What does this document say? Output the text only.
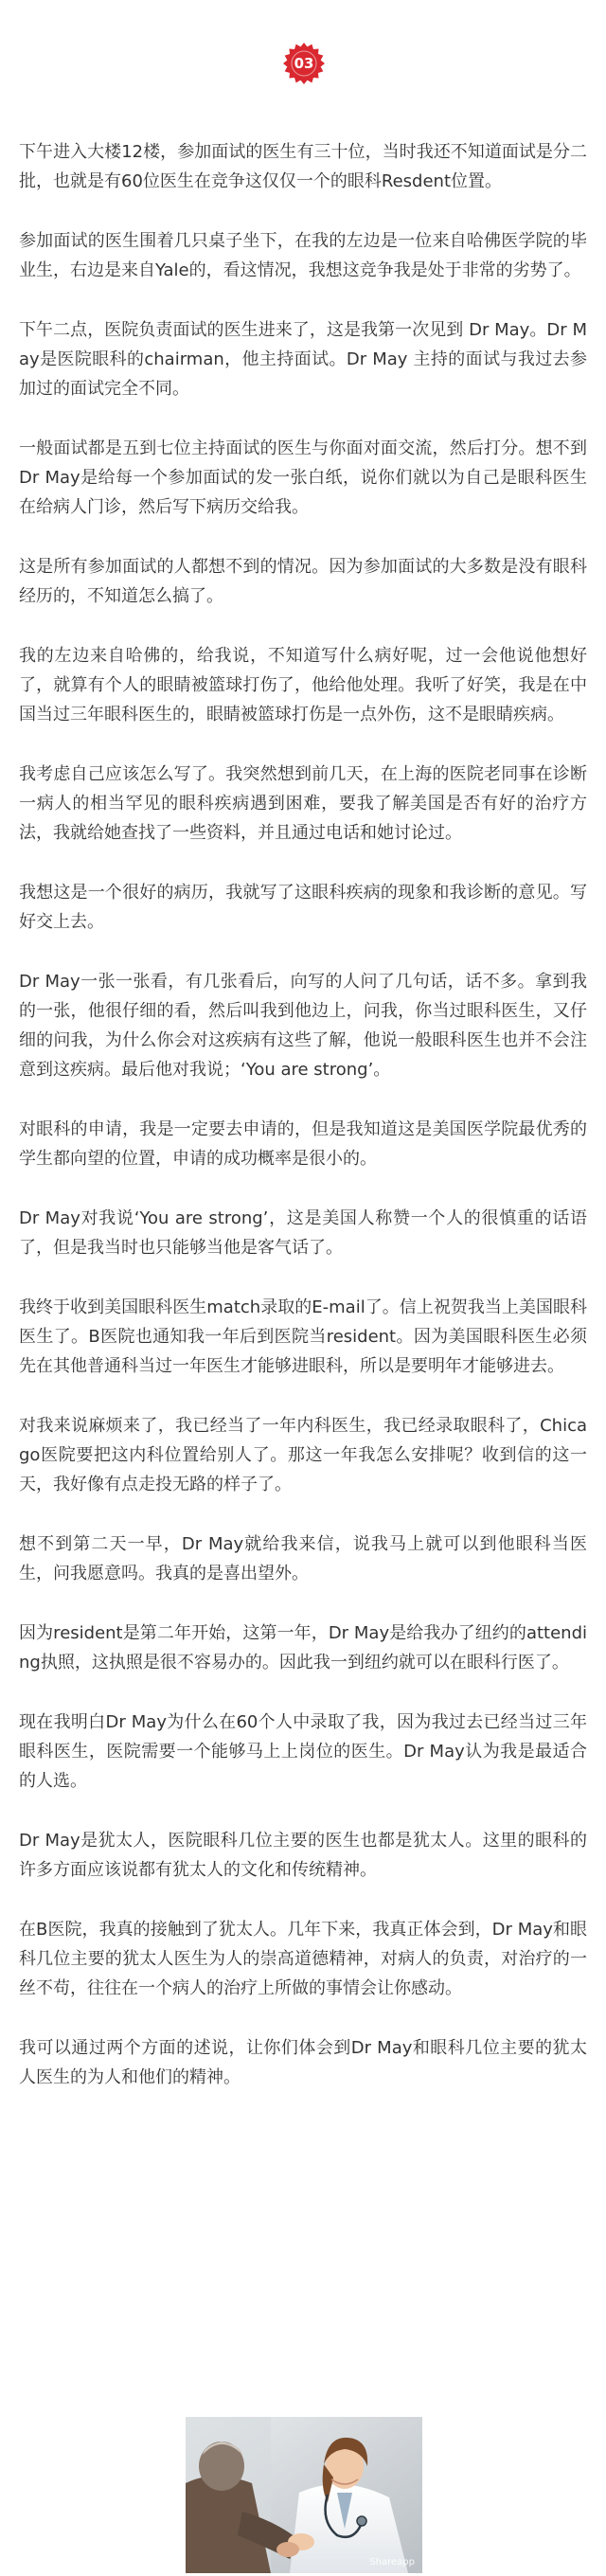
03

下午进入大楼12楼，参加面试的医生有三十位，当时我还不知道面试是分二批，也就是有60位医生在竞争这仅仅一个的眼科Resdent位置。

参加面试的医生围着几只桌子坐下，在我的左边是一位来自哈佛医学院的毕业生，右边是来自Yale的，看这情况，我想这竞争我是处于非常的劣势了。

下午二点，医院负责面试的医生进来了，这是我第一次见到 Dr May。Dr May是医院眼科的chairman，他主持面试。Dr May 主持的面试与我过去参加过的面试完全不同。

一般面试都是五到七位主持面试的医生与你面对面交流，然后打分。想不到Dr May是给每一个参加面试的发一张白纸，说你们就以为自己是眼科医生在给病人门诊，然后写下病历交给我。

这是所有参加面试的人都想不到的情况。因为参加面试的大多数是没有眼科经历的，不知道怎么搞了。

我的左边来自哈佛的，给我说，不知道写什么病好呢，过一会他说他想好了，就算有个人的眼睛被篮球打伤了，他给他处理。我听了好笑，我是在中国当过三年眼科医生的，眼睛被篮球打伤是一点外伤，这不是眼睛疾病。

我考虑自己应该怎么写了。我突然想到前几天，在上海的医院老同事在诊断一病人的相当罕见的眼科疾病遇到困难，要我了解美国是否有好的治疗方法，我就给她查找了一些资料，并且通过电话和她讨论过。

我想这是一个很好的病历，我就写了这眼科疾病的现象和我诊断的意见。写好交上去。

Dr May一张一张看，有几张看后，向写的人问了几句话，话不多。拿到我的一张，他很仔细的看，然后叫我到他边上，问我，你当过眼科医生，又仔细的问我，为什么你会对这疾病有这些了解，他说一般眼科医生也并不会注意到这疾病。最后他对我说；‘You are strong’。

对眼科的申请，我是一定要去申请的，但是我知道这是美国医学院最优秀的学生都向望的位置，申请的成功概率是很小的。

Dr May对我说‘You are strong’，这是美国人称赞一个人的很慎重的话语了，但是我当时也只能够当他是客气话了。

我终于收到美国眼科医生match录取的E-mail了。信上祝贺我当上美国眼科医生了。B医院也通知我一年后到医院当resident。因为美国眼科医生必须先在其他普通科当过一年医生才能够进眼科，所以是要明年才能够进去。

对我来说麻烦来了，我已经当了一年内科医生，我已经录取眼科了，Chicago医院要把这内科位置给别人了。那这一年我怎么安排呢？收到信的这一天，我好像有点走投无路的样子了。

想不到第二天一早，Dr May就给我来信，说我马上就可以到他眼科当医生，问我愿意吗。我真的是喜出望外。

因为resident是第二年开始，这第一年，Dr May是给我办了纽约的attending执照，这执照是很不容易办的。因此我一到纽约就可以在眼科行医了。

现在我明白Dr May为什么在60个人中录取了我，因为我过去已经当过三年眼科医生，医院需要一个能够马上上岗位的医生。Dr May认为我是最适合的人选。

Dr May是犹太人，医院眼科几位主要的医生也都是犹太人。这里的眼科的许多方面应该说都有犹太人的文化和传统精神。

在B医院，我真的接触到了犹太人。几年下来，我真正体会到，Dr May和眼科几位主要的犹太人医生为人的崇高道德精神，对病人的负责，对治疗的一丝不苟，往往在一个病人的治疗上所做的事情会让你感动。

我可以通过两个方面的述说，让你们体会到Dr May和眼科几位主要的犹太人医生的为人和他们的精神。

Shareapp
